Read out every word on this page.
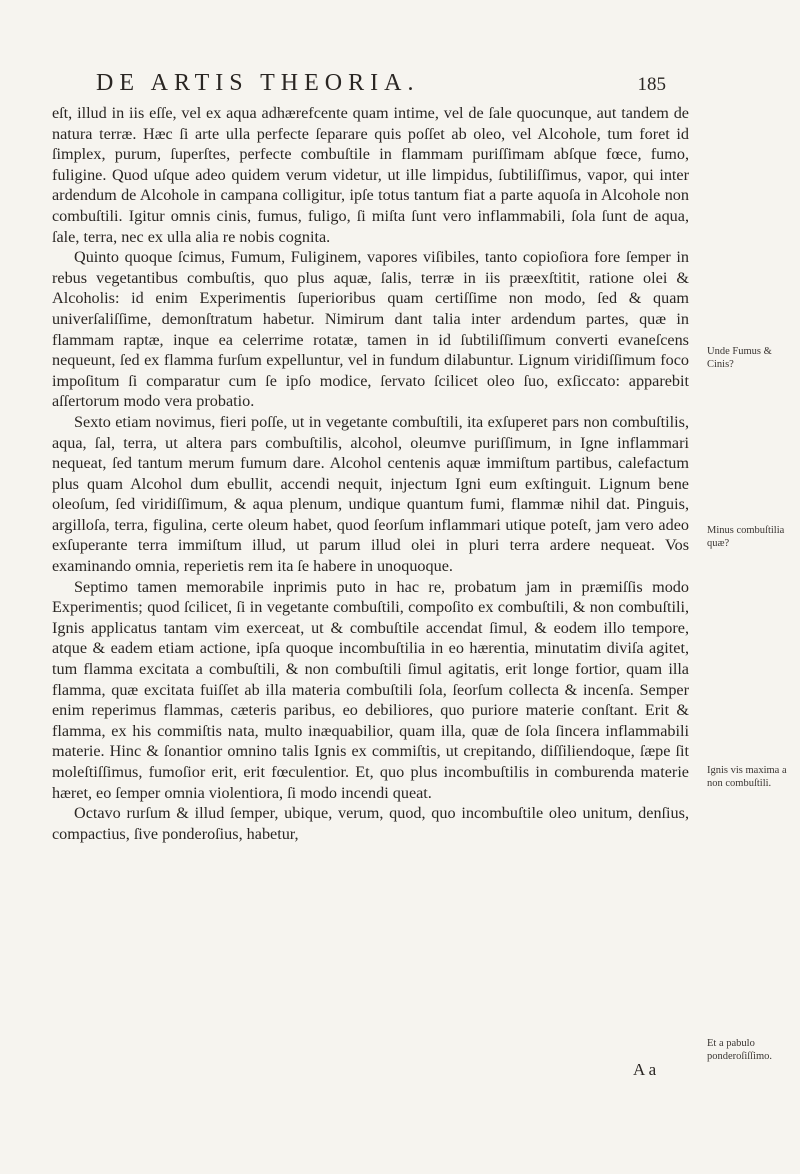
DE ARTIS THEORIA.	185

eſt, illud in iis eſſe, vel ex aqua adhærefcente quam intime, vel de ſale quocunque, aut tandem de natura terræ. Hæc ſi arte ulla perfecte ſeparare quis poſſet ab oleo, vel Alcohole, tum foret id ſimplex, purum, ſuperſtes, perfecte combuſtile in flammam puriſſimam abſque fœce, fumo, fuligine. Quod uſque adeo quidem verum videtur, ut ille limpidus, ſubtiliſſimus, vapor, qui inter ardendum de Alcohole in campana colligitur, ipſe totus tantum fiat a parte aquoſa in Alcohole non combuſtili. Igitur omnis cinis, fumus, fuligo, ſi miſta ſunt vero inflammabili, ſola ſunt de aqua, ſale, terra, nec ex ulla alia re nobis cognita.

Quinto quoque ſcimus, Fumum, Fuliginem, vapores viſibiles, tanto copioſiora fore ſemper in rebus vegetantibus combuſtis, quo plus aquæ, ſalis, terræ in iis præexſtitit, ratione olei & Alcoholis: id enim Experimentis ſuperioribus quam certiſſime non modo, ſed & quam univerſaliſſime, demonſtratum habetur. Nimirum dant talia inter ardendum partes, quæ in flammam raptæ, inque ea celerrime rotatæ, tamen in id ſubtiliſſimum converti evaneſcens nequeunt, ſed ex flamma furſum expelluntur, vel in fundum dilabuntur. Lignum viridiſſimum foco impoſitum ſi comparatur cum ſe ipſo modice, ſervato ſcilicet oleo ſuo, exſiccato: apparebit aſſertorum modo vera probatio.

Sexto etiam novimus, fieri poſſe, ut in vegetante combuſtili, ita exſuperet pars non combuſtilis, aqua, ſal, terra, ut altera pars combuſtilis, alcohol, oleumve puriſſimum, in Igne inflammari nequeat, ſed tantum merum fumum dare. Alcohol centenis aquæ immiſtum partibus, calefactum plus quam Alcohol dum ebullit, accendi nequit, injectum Igni eum exſtinguit. Lignum bene oleoſum, ſed viridiſſimum, & aqua plenum, undique quantum fumi, flammæ nihil dat. Pinguis, argilloſa, terra, figulina, certe oleum habet, quod ſeorſum inflammari utique poteſt, jam vero adeo exſuperante terra immiſtum illud, ut parum illud olei in pluri terra ardere nequeat. Vos examinando omnia, reperietis rem ita ſe habere in unoquoque.

Septimo tamen memorabile inprimis puto in hac re, probatum jam in præmiſſis modo Experimentis; quod ſcilicet, ſi in vegetante combuſtili, compoſito ex combuſtili, & non combuſtili, Ignis applicatus tantam vim exerceat, ut & combuſtile accendat ſimul, & eodem illo tempore, atque & eadem etiam actione, ipſa quoque incombuſtilia in eo hærentia, minutatim diviſa agitet, tum flamma excitata a combuſtili, & non combuſtili ſimul agitatis, erit longe fortior, quam illa flamma, quæ excitata fuiſſet ab illa materia combuſtili ſola, ſeorſum collecta & incenſa. Semper enim reperimus flammas, cæteris paribus, eo debiliores, quo puriore materie conſtant. Erit & flamma, ex his commiſtis nata, multo inæquabilior, quam illa, quæ de ſola ſincera inflammabili materie. Hinc & ſonantior omnino talis Ignis ex commiſtis, ut crepitando, diſſiliendoque, ſæpe ſit moleſtiſſimus, fumoſior erit, erit fœculentior. Et, quo plus incombuſtilis in comburenda materie hæret, eo ſemper omnia violentiora, ſi modo incendi queat.

Octavo rurſum & illud ſemper, ubique, verum, quod, quo incombuſtile oleo unitum, denſius, compactius, ſive ponderoſius, habetur,

Unde Fumus & Cinis?
Minus combuſtilia quæ?
Ignis vis maxima a non combuſtili.
Et a pabulo ponderoſiſſimo.
A a
